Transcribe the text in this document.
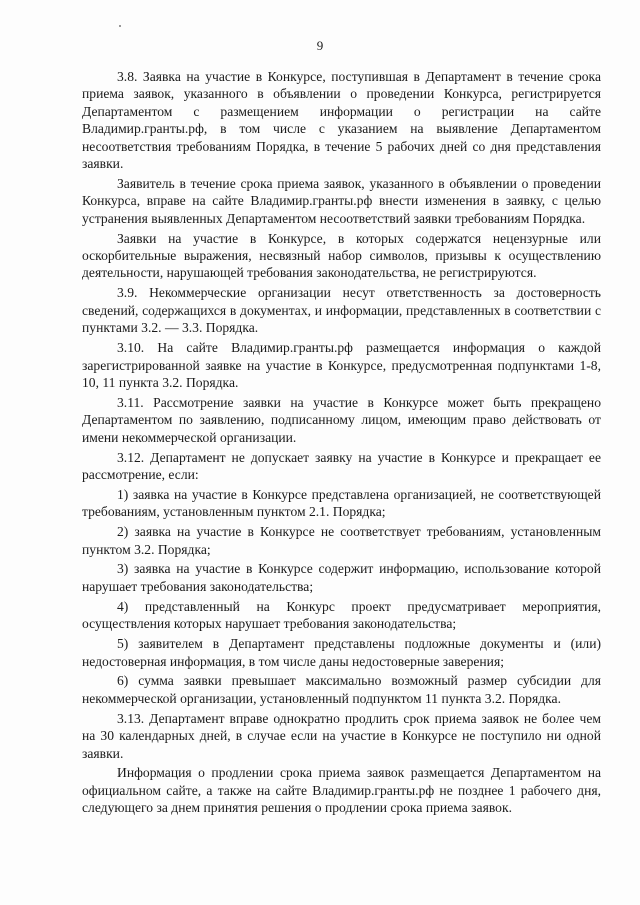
9

3.8. Заявка на участие в Конкурсе, поступившая в Департамент в течение срока приема заявок, указанного в объявлении о проведении Конкурса, регистрируется Департаментом с размещением информации о регистрации на сайте Владимир.гранты.рф, в том числе с указанием на выявление Департаментом несоответствия требованиям Порядка, в течение 5 рабочих дней со дня представления заявки.

Заявитель в течение срока приема заявок, указанного в объявлении о проведении Конкурса, вправе на сайте Владимир.гранты.рф внести изменения в заявку, с целью устранения выявленных Департаментом несоответствий заявки требованиям Порядка.

Заявки на участие в Конкурсе, в которых содержатся нецензурные или оскорбительные выражения, несвязный набор символов, призывы к осуществлению деятельности, нарушающей требования законодательства, не регистрируются.

3.9. Некоммерческие организации несут ответственность за достоверность сведений, содержащихся в документах, и информации, представленных в соответствии с пунктами 3.2. — 3.3. Порядка.

3.10. На сайте Владимир.гранты.рф размещается информация о каждой зарегистрированной заявке на участие в Конкурсе, предусмотренная подпунктами 1-8, 10, 11 пункта 3.2. Порядка.

3.11. Рассмотрение заявки на участие в Конкурсе может быть прекращено Департаментом по заявлению, подписанному лицом, имеющим право действовать от имени некоммерческой организации.

3.12. Департамент не допускает заявку на участие в Конкурсе и прекращает ее рассмотрение, если:

1) заявка на участие в Конкурсе представлена организацией, не соответствующей требованиям, установленным пунктом 2.1. Порядка;

2) заявка на участие в Конкурсе не соответствует требованиям, установленным пунктом 3.2. Порядка;

3) заявка на участие в Конкурсе содержит информацию, использование которой нарушает требования законодательства;

4) представленный на Конкурс проект предусматривает мероприятия, осуществления которых нарушает требования законодательства;

5) заявителем в Департамент представлены подложные документы и (или) недостоверная информация, в том числе даны недостоверные заверения;

6) сумма заявки превышает максимально возможный размер субсидии для некоммерческой организации, установленный подпунктом 11 пункта 3.2. Порядка.

3.13. Департамент вправе однократно продлить срок приема заявок не более чем на 30 календарных дней, в случае если на участие в Конкурсе не поступило ни одной заявки.

Информация о продлении срока приема заявок размещается Департаментом на официальном сайте, а также на сайте Владимир.гранты.рф не позднее 1 рабочего дня, следующего за днем принятия решения о продлении срока приема заявок.
